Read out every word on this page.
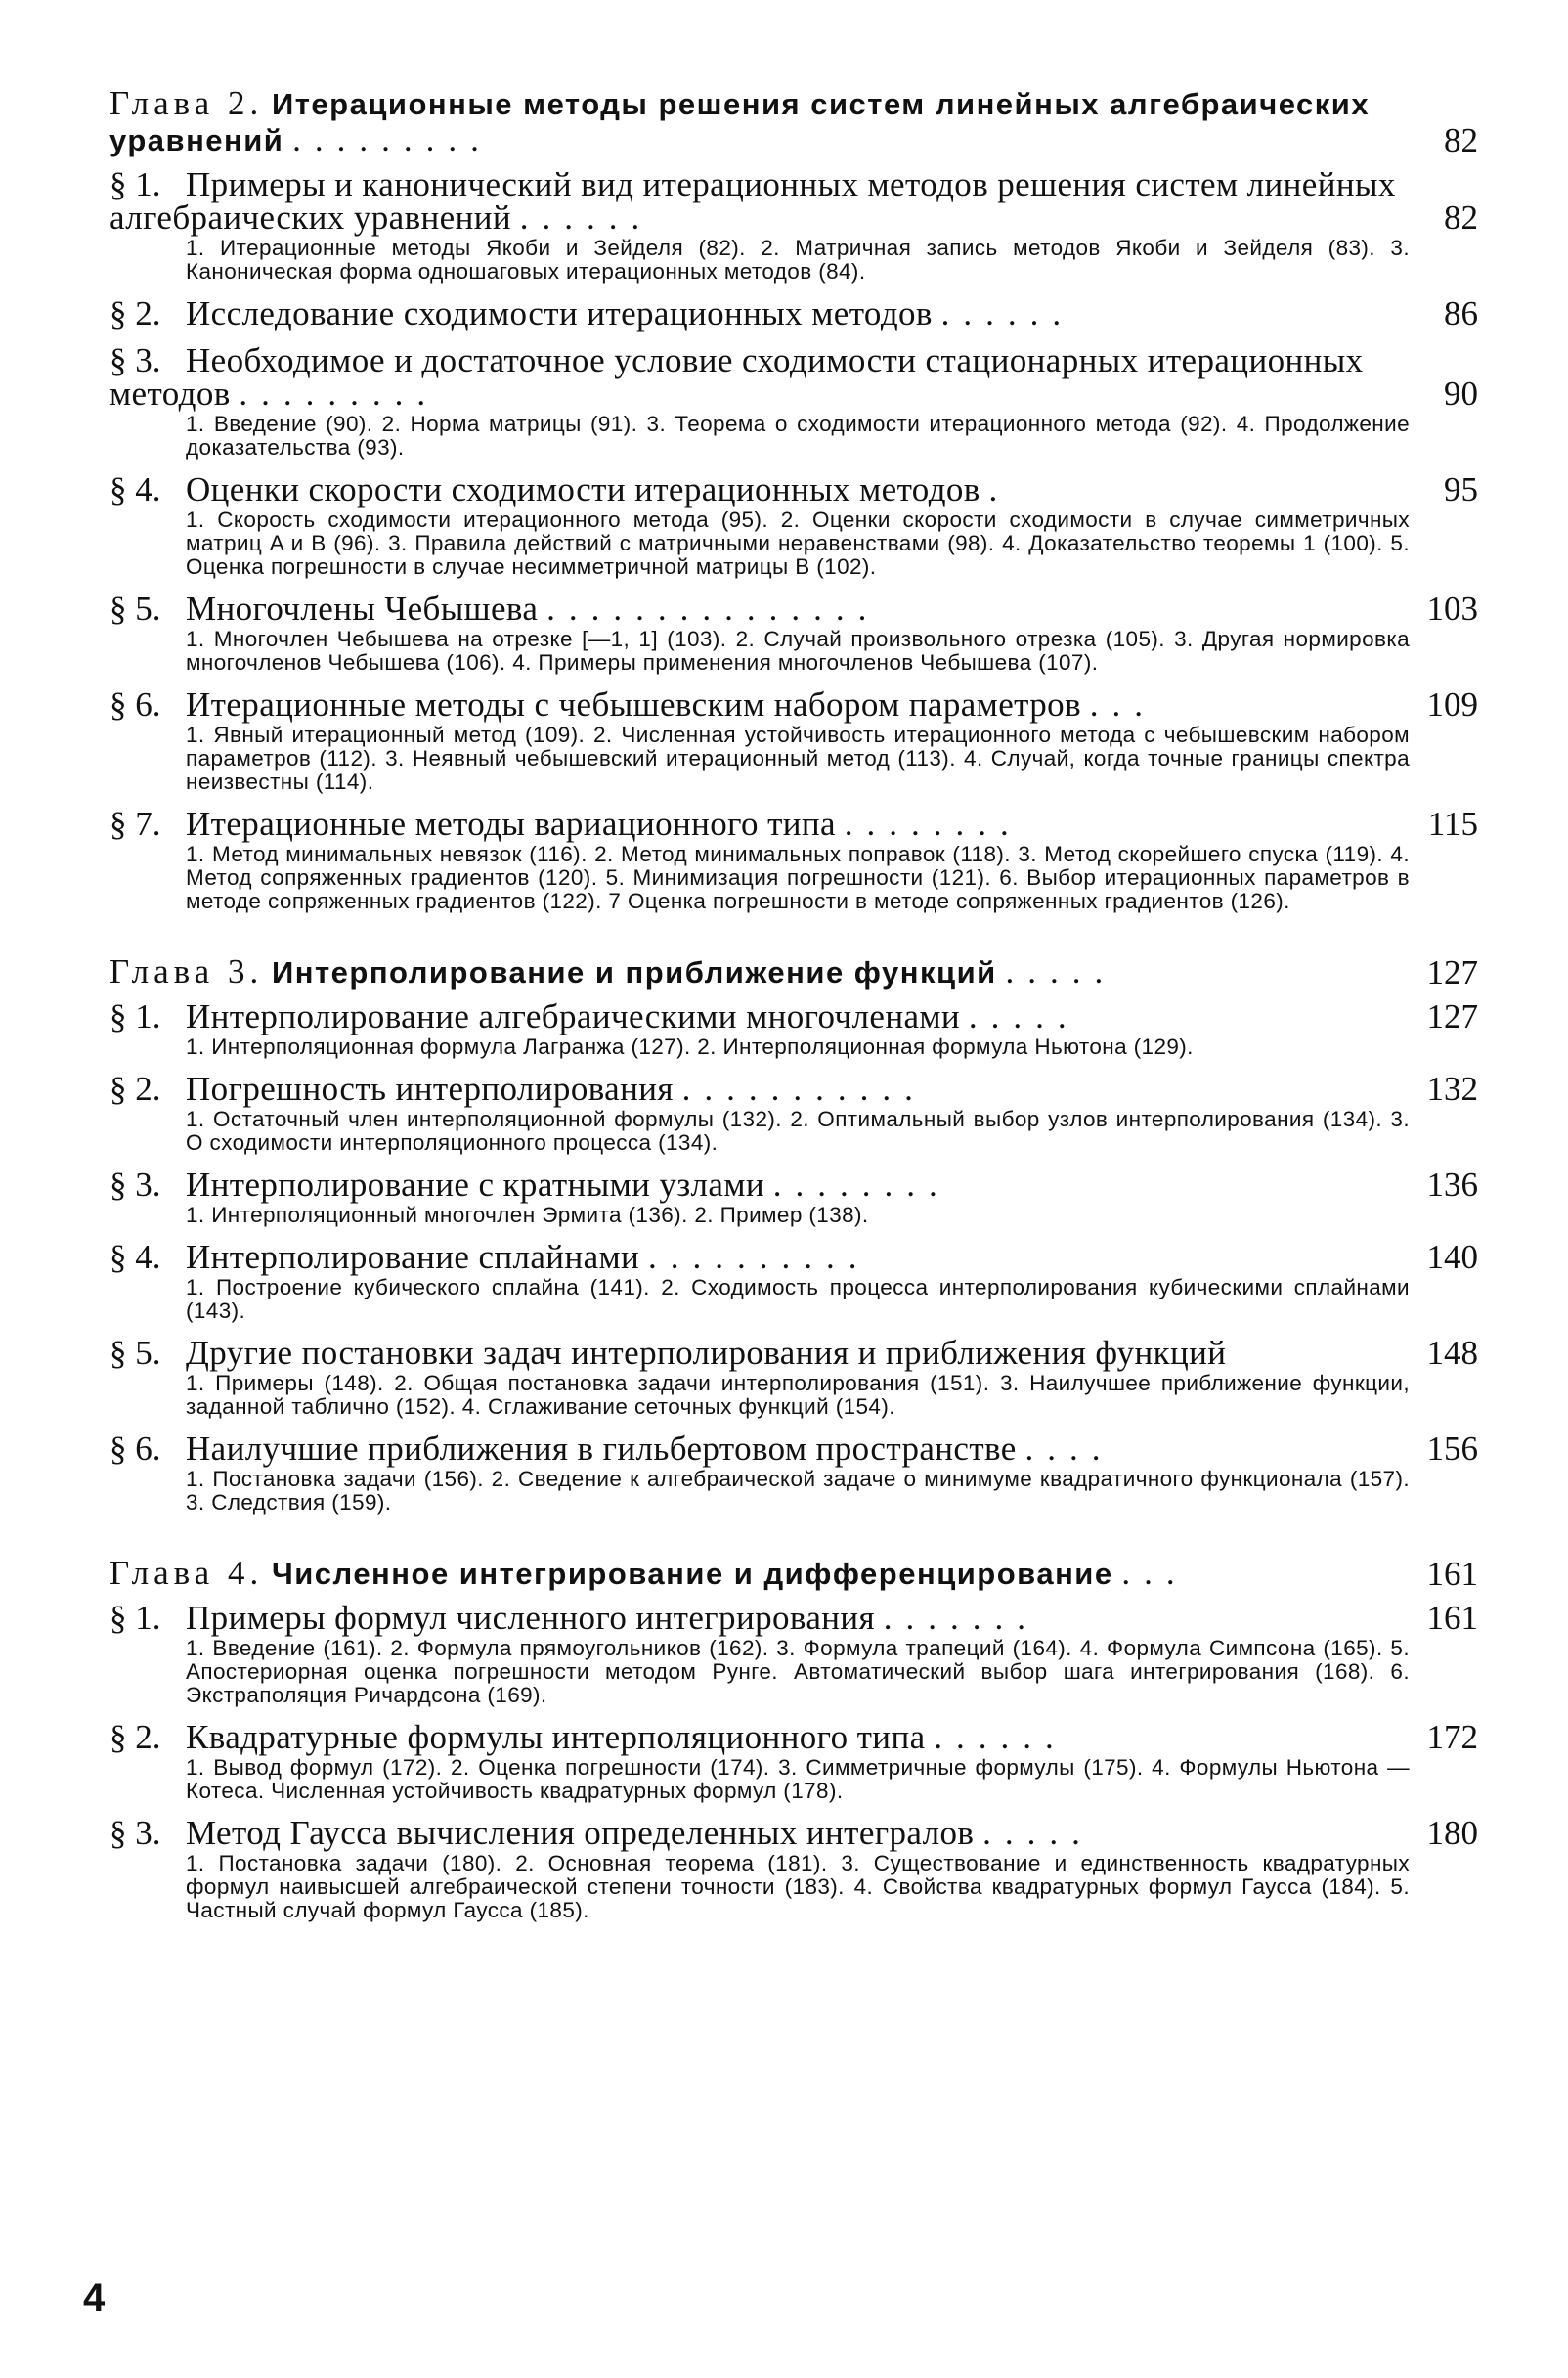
Глава 2. Итерационные методы решения систем линейных алгебраических уравнений .........	82
§ 1. Примеры и канонический вид итерационных методов решения систем линейных алгебраических уравнений ......	82
1. Итерационные методы Якоби и Зейделя (82). 2. Матричная запись методов Якоби и Зейделя (83). 3. Каноническая форма одношаговых итерационных методов (84).
§ 2. Исследование сходимости итерационных методов ......	86
§ 3. Необходимое и достаточное условие сходимости стационарных итерационных методов .........	90
1. Введение (90). 2. Норма матрицы (91). 3. Теорема о сходимости итерационного метода (92). 4. Продолжение доказательства (93).
§ 4. Оценки скорости сходимости итерационных методов .	95
1. Скорость сходимости итерационного метода (95). 2. Оценки скорости сходимости в случае симметричных матриц A и B (96). 3. Правила действий с матричными неравенствами (98). 4. Доказательство теоремы 1 (100). 5. Оценка погрешности в случае несимметричной матрицы B (102).
§ 5. Многочлены Чебышева ...............	103
1. Многочлен Чебышева на отрезке [—1, 1] (103). 2. Случай произвольного отрезка (105). 3. Другая нормировка многочленов Чебышева (106). 4. Примеры применения многочленов Чебышева (107).
§ 6. Итерационные методы с чебышевским набором параметров ...	109
1. Явный итерационный метод (109). 2. Численная устойчивость итерационного метода с чебышевским набором параметров (112). 3. Неявный чебышевский итерационный метод (113). 4. Случай, когда точные границы спектра неизвестны (114).
§ 7. Итерационные методы вариационного типа ........	115
1. Метод минимальных невязок (116). 2. Метод минимальных поправок (118). 3. Метод скорейшего спуска (119). 4. Метод сопряженных градиентов (120). 5. Минимизация погрешности (121). 6. Выбор итерационных параметров в методе сопряженных градиентов (122). 7 Оценка погрешности в методе сопряженных градиентов (126).
Глава 3. Интерполирование и приближение функций .....	127
§ 1. Интерполирование алгебраическими многочленами .....	127
1. Интерполяционная формула Лагранжа (127). 2. Интерполяционная формула Ньютона (129).
§ 2. Погрешность интерполирования ...........	132
1. Остаточный член интерполяционной формулы (132). 2. Оптимальный выбор узлов интерполирования (134). 3. О сходимости интерполяционного процесса (134).
§ 3. Интерполирование с кратными узлами ........	136
1. Интерполяционный многочлен Эрмита (136). 2. Пример (138).
§ 4. Интерполирование сплайнами ..........	140
1. Построение кубического сплайна (141). 2. Сходимость процесса интерполирования кубическими сплайнами (143).
§ 5. Другие постановки задач интерполирования и приближения функций	148
1. Примеры (148). 2. Общая постановка задачи интерполирования (151). 3. Наилучшее приближение функции, заданной таблично (152). 4. Сглаживание сеточных функций (154).
§ 6. Наилучшие приближения в гильбертовом пространстве ....	156
1. Постановка задачи (156). 2. Сведение к алгебраической задаче о минимуме квадратичного функционала (157). 3. Следствия (159).
Глава 4. Численное интегрирование и дифференцирование ...	161
§ 1. Примеры формул численного интегрирования .......	161
1. Введение (161). 2. Формула прямоугольников (162). 3. Формула трапеций (164). 4. Формула Симпсона (165). 5. Апостериорная оценка погрешности методом Рунге. Автоматический выбор шага интегрирования (168). 6. Экстраполяция Ричардсона (169).
§ 2. Квадратурные формулы интерполяционного типа ......	172
1. Вывод формул (172). 2. Оценка погрешности (174). 3. Симметричные формулы (175). 4. Формулы Ньютона — Котеса. Численная устойчивость квадратурных формул (178).
§ 3. Метод Гаусса вычисления определенных интегралов .....	180
1. Постановка задачи (180). 2. Основная теорема (181). 3. Существование и единственность квадратурных формул наивысшей алгебраической степени точности (183). 4. Свойства квадратурных формул Гаусса (184). 5. Частный случай формул Гаусса (185).
4
